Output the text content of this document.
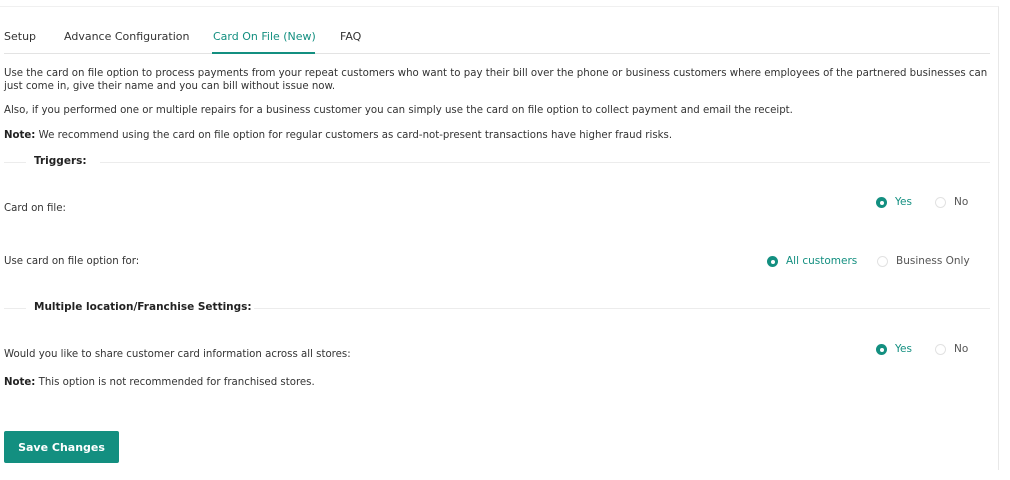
Setup	Advance Configuration Card On File (New) FAQ

Use the card on file option to process payments from your repeat customers who want to pay their bill over the phone or business customers where employees of the partnered businesses can just come in, give their name and you can bill without issue now.

Also, if you performed one or multiple repairs for a business customer you can simply use the card on file option to collect payment and email the receipt.

Note: We recommend using the card on file option for regular customers as card-not-present transactions have higher fraud risks.

Triggers:
Card on file:
Yes	No
Use card on file option for:	All customers	Business Only
Multiple location/Franchise Settings:
Would you like to share customer card information across all stores:	Yes	No

Note: This option is not recommended for franchised stores.

Save Changes
